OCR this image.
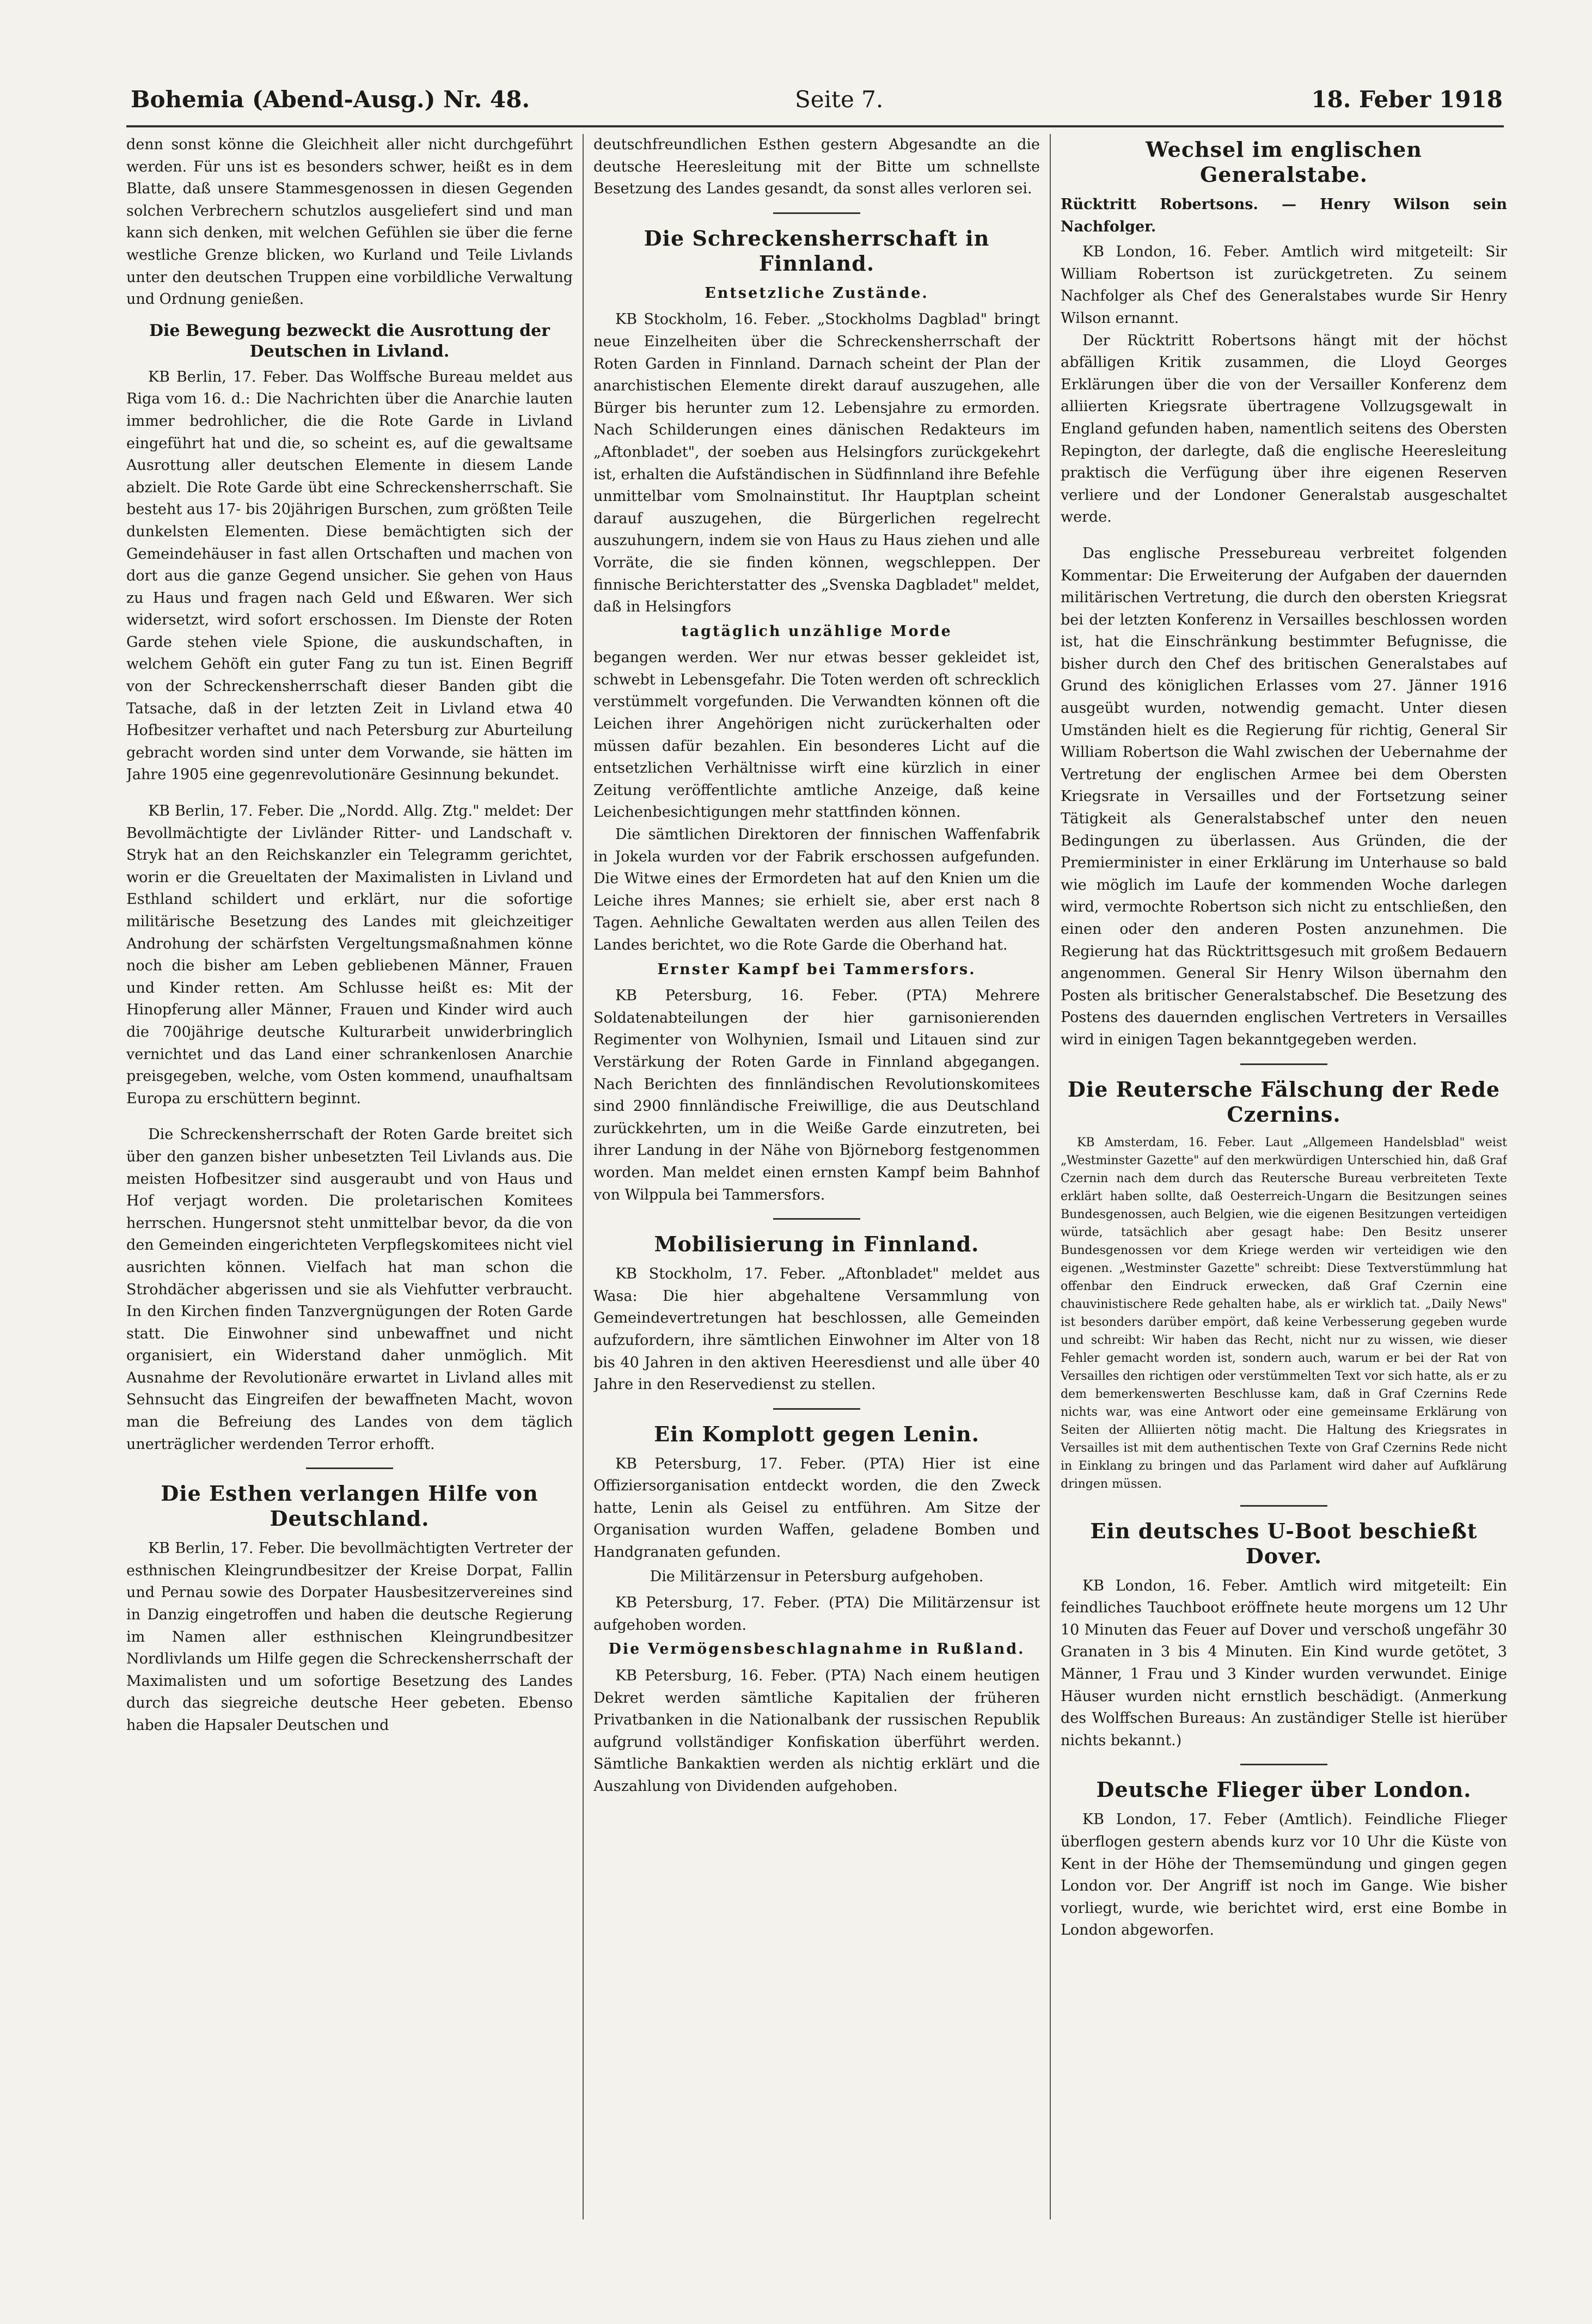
Bohemia (Abend-Ausg.) Nr. 48.	Seite 7.	18. Feber 1918

denn sonst könne die Gleichheit aller nicht durchgeführt werden. Für uns ist es besonders schwer, heißt es in dem Blatte, daß unsere Stammesgenossen in diesen Gegenden solchen Verbrechern schutzlos ausgeliefert sind und man kann sich denken, mit welchen Gefühlen sie über die ferne westliche Grenze blicken, wo Kurland und Teile Livlands unter den deutschen Truppen eine vorbildliche Verwaltung und Ordnung genießen.

Die Bewegung bezweckt die Ausrottung der Deutschen in Livland.

KB Berlin, 17. Feber. Das Wolffsche Bureau meldet aus Riga vom 16. d.: Die Nachrichten über die Anarchie lauten immer bedrohlicher, die die Rote Garde in Livland eingeführt hat und die, so scheint es, auf die gewaltsame Ausrottung aller deutschen Elemente in diesem Lande abzielt. Die Rote Garde übt eine Schreckensherrschaft. Sie besteht aus 17- bis 20jährigen Burschen, zum größten Teile dunkelsten Elementen. Diese bemächtigten sich der Gemeindehäuser in fast allen Ortschaften und machen von dort aus die ganze Gegend unsicher. Sie gehen von Haus zu Haus und fragen nach Geld und Eßwaren. Wer sich widersetzt, wird sofort erschossen. Im Dienste der Roten Garde stehen viele Spione, die auskundschaften, in welchem Gehöft ein guter Fang zu tun ist. Einen Begriff von der Schreckensherrschaft dieser Banden gibt die Tatsache, daß in der letzten Zeit in Livland etwa 40 Hofbesitzer verhaftet und nach Petersburg zur Aburteilung gebracht worden sind unter dem Vorwande, sie hätten im Jahre 1905 eine gegenrevolutionäre Gesinnung bekundet.

KB Berlin, 17. Feber. Die „Nordd. Allg. Ztg." meldet: Der Bevollmächtigte der Livländer Ritter- und Landschaft v. Stryk hat an den Reichskanzler ein Telegramm gerichtet, worin er die Greueltaten der Maximalisten in Livland und Esthland schildert und erklärt, nur die sofortige militärische Besetzung des Landes mit gleichzeitiger Androhung der schärfsten Vergeltungsmaßnahmen könne noch die bisher am Leben gebliebenen Männer, Frauen und Kinder retten. Am Schlusse heißt es: Mit der Hinopferung aller Männer, Frauen und Kinder wird auch die 700jährige deutsche Kulturarbeit unwiderbringlich vernichtet und das Land einer schrankenlosen Anarchie preisgegeben, welche, vom Osten kommend, unaufhaltsam Europa zu erschüttern beginnt.

Die Schreckensherrschaft der Roten Garde breitet sich über den ganzen bisher unbesetzten Teil Livlands aus. Die meisten Hofbesitzer sind ausgeraubt und von Haus und Hof verjagt worden. Die proletarischen Komitees herrschen. Hungersnot steht unmittelbar bevor, da die von den Gemeinden eingerichteten Verpflegskomitees nicht viel ausrichten können. Vielfach hat man schon die Strohdächer abgerissen und sie als Viehfutter verbraucht. In den Kirchen finden Tanzvergnügungen der Roten Garde statt. Die Einwohner sind unbewaffnet und nicht organisiert, ein Widerstand daher unmöglich. Mit Ausnahme der Revolutionäre erwartet in Livland alles mit Sehnsucht das Eingreifen der bewaffneten Macht, wovon man die Befreiung des Landes von dem täglich unerträglicher werdenden Terror erhofft.

Die Esthen verlangen Hilfe von Deutschland.

KB Berlin, 17. Feber. Die bevollmächtigten Vertreter der esthnischen Kleingrundbesitzer der Kreise Dorpat, Fallin und Pernau sowie des Dorpater Hausbesitzervereines sind in Danzig eingetroffen und haben die deutsche Regierung im Namen aller esthnischen Kleingrundbesitzer Nordlivlands um Hilfe gegen die Schreckensherrschaft der Maximalisten und um sofortige Besetzung des Landes durch das siegreiche deutsche Heer gebeten. Ebenso haben die Hapsaler Deutschen und

deutschfreundlichen Esthen gestern Abgesandte an die deutsche Heeresleitung mit der Bitte um schnellste Besetzung des Landes gesandt, da sonst alles verloren sei.

Die Schreckensherrschaft in Finnland.
Entsetzliche Zustände.

KB Stockholm, 16. Feber. „Stockholms Dagblad" bringt neue Einzelheiten über die Schreckensherrschaft der Roten Garden in Finnland. Darnach scheint der Plan der anarchistischen Elemente direkt darauf auszugehen, alle Bürger bis herunter zum 12. Lebensjahre zu ermorden. Nach Schilderungen eines dänischen Redakteurs im „Aftonbladet", der soeben aus Helsingfors zurückgekehrt ist, erhalten die Aufständischen in Südfinnland ihre Befehle unmittelbar vom Smolnainstitut. Ihr Hauptplan scheint darauf auszugehen, die Bürgerlichen regelrecht auszuhungern, indem sie von Haus zu Haus ziehen und alle Vorräte, die sie finden können, wegschleppen. Der finnische Berichterstatter des „Svenska Dagbladet" meldet, daß in Helsingfors

tagtäglich unzählige Morde

begangen werden. Wer nur etwas besser gekleidet ist, schwebt in Lebensgefahr. Die Toten werden oft schrecklich verstümmelt vorgefunden. Die Verwandten können oft die Leichen ihrer Angehörigen nicht zurückerhalten oder müssen dafür bezahlen. Ein besonderes Licht auf die entsetzlichen Verhältnisse wirft eine kürzlich in einer Zeitung veröffentlichte amtliche Anzeige, daß keine Leichenbesichtigungen mehr stattfinden können.

Die sämtlichen Direktoren der finnischen Waffenfabrik in Jokela wurden vor der Fabrik erschossen aufgefunden. Die Witwe eines der Ermordeten hat auf den Knien um die Leiche ihres Mannes; sie erhielt sie, aber erst nach 8 Tagen. Aehnliche Gewaltaten werden aus allen Teilen des Landes berichtet, wo die Rote Garde die Oberhand hat.

Ernster Kampf bei Tammersfors.

KB Petersburg, 16. Feber. (PTA) Mehrere Soldatenabteilungen der hier garnisonierenden Regimenter von Wolhynien, Ismail und Litauen sind zur Verstärkung der Roten Garde in Finnland abgegangen. Nach Berichten des finnländischen Revolutionskomitees sind 2900 finnländische Freiwillige, die aus Deutschland zurückkehrten, um in die Weiße Garde einzutreten, bei ihrer Landung in der Nähe von Björneborg festgenommen worden. Man meldet einen ernsten Kampf beim Bahnhof von Wilppula bei Tammersfors.

Mobilisierung in Finnland.

KB Stockholm, 17. Feber. „Aftonbladet" meldet aus Wasa: Die hier abgehaltene Versammlung von Gemeindevertretungen hat beschlossen, alle Gemeinden aufzufordern, ihre sämtlichen Einwohner im Alter von 18 bis 40 Jahren in den aktiven Heeresdienst und alle über 40 Jahre in den Reservedienst zu stellen.

Ein Komplott gegen Lenin.

KB Petersburg, 17. Feber. (PTA) Hier ist eine Offiziersorganisation entdeckt worden, die den Zweck hatte, Lenin als Geisel zu entführen. Am Sitze der Organisation wurden Waffen, geladene Bomben und Handgranaten gefunden.

Die Militärzensur in Petersburg aufgehoben.

KB Petersburg, 17. Feber. (PTA) Die Militärzensur ist aufgehoben worden.

Die Vermögensbeschlagnahme in Rußland.

KB Petersburg, 16. Feber. (PTA) Nach einem heutigen Dekret werden sämtliche Kapitalien der früheren Privatbanken in die Nationalbank der russischen Republik aufgrund vollständiger Konfiskation überführt werden. Sämtliche Bankaktien werden als nichtig erklärt und die Auszahlung von Dividenden aufgehoben.

Wechsel im englischen Generalstabe.
Rücktritt Robertsons. — Henry Wilson sein Nachfolger.

KB London, 16. Feber. Amtlich wird mitgeteilt: Sir William Robertson ist zurückgetreten. Zu seinem Nachfolger als Chef des Generalstabes wurde Sir Henry Wilson ernannt.

Der Rücktritt Robertsons hängt mit der höchst abfälligen Kritik zusammen, die Lloyd Georges Erklärungen über die von der Versailler Konferenz dem alliierten Kriegsrate übertragene Vollzugsgewalt in England gefunden haben, namentlich seitens des Obersten Repington, der darlegte, daß die englische Heeresleitung praktisch die Verfügung über ihre eigenen Reserven verliere und der Londoner Generalstab ausgeschaltet werde.

Das englische Pressebureau verbreitet folgenden Kommentar: Die Erweiterung der Aufgaben der dauernden militärischen Vertretung, die durch den obersten Kriegsrat bei der letzten Konferenz in Versailles beschlossen worden ist, hat die Einschränkung bestimmter Befugnisse, die bisher durch den Chef des britischen Generalstabes auf Grund des königlichen Erlasses vom 27. Jänner 1916 ausgeübt wurden, notwendig gemacht. Unter diesen Umständen hielt es die Regierung für richtig, General Sir William Robertson die Wahl zwischen der Uebernahme der Vertretung der englischen Armee bei dem Obersten Kriegsrate in Versailles und der Fortsetzung seiner Tätigkeit als Generalstabschef unter den neuen Bedingungen zu überlassen. Aus Gründen, die der Premierminister in einer Erklärung im Unterhause so bald wie möglich im Laufe der kommenden Woche darlegen wird, vermochte Robertson sich nicht zu entschließen, den einen oder den anderen Posten anzunehmen. Die Regierung hat das Rücktrittsgesuch mit großem Bedauern angenommen. General Sir Henry Wilson übernahm den Posten als britischer Generalstabschef. Die Besetzung des Postens des dauernden englischen Vertreters in Versailles wird in einigen Tagen bekanntgegeben werden.

Die Reutersche Fälschung der Rede Czernins.

KB Amsterdam, 16. Feber. Laut „Allgemeen Handelsblad" weist „Westminster Gazette" auf den merkwürdigen Unterschied hin, daß Graf Czernin nach dem durch das Reutersche Bureau verbreiteten Texte erklärt haben sollte, daß Oesterreich-Ungarn die Besitzungen seines Bundesgenossen, auch Belgien, wie die eigenen Besitzungen verteidigen würde, tatsächlich aber gesagt habe: Den Besitz unserer Bundesgenossen vor dem Kriege werden wir verteidigen wie den eigenen. „Westminster Gazette" schreibt: Diese Textverstümmlung hat offenbar den Eindruck erwecken, daß Graf Czernin eine chauvinistischere Rede gehalten habe, als er wirklich tat. „Daily News" ist besonders darüber empört, daß keine Verbesserung gegeben wurde und schreibt: Wir haben das Recht, nicht nur zu wissen, wie dieser Fehler gemacht worden ist, sondern auch, warum er bei der Rat von Versailles den richtigen oder verstümmelten Text vor sich hatte, als er zu dem bemerkenswerten Beschlusse kam, daß in Graf Czernins Rede nichts war, was eine Antwort oder eine gemeinsame Erklärung von Seiten der Alliierten nötig macht. Die Haltung des Kriegsrates in Versailles ist mit dem authentischen Texte von Graf Czernins Rede nicht in Einklang zu bringen und das Parlament wird daher auf Aufklärung dringen müssen.

Ein deutsches U-Boot beschießt Dover.

KB London, 16. Feber. Amtlich wird mitgeteilt: Ein feindliches Tauchboot eröffnete heute morgens um 12 Uhr 10 Minuten das Feuer auf Dover und verschoß ungefähr 30 Granaten in 3 bis 4 Minuten. Ein Kind wurde getötet, 3 Männer, 1 Frau und 3 Kinder wurden verwundet. Einige Häuser wurden nicht ernstlich beschädigt. (Anmerkung des Wolffschen Bureaus: An zuständiger Stelle ist hierüber nichts bekannt.)

Deutsche Flieger über London.

KB London, 17. Feber (Amtlich). Feindliche Flieger überflogen gestern abends kurz vor 10 Uhr die Küste von Kent in der Höhe der Themsemündung und gingen gegen London vor. Der Angriff ist noch im Gange. Wie bisher vorliegt, wurde, wie berichtet wird, erst eine Bombe in London abgeworfen.
